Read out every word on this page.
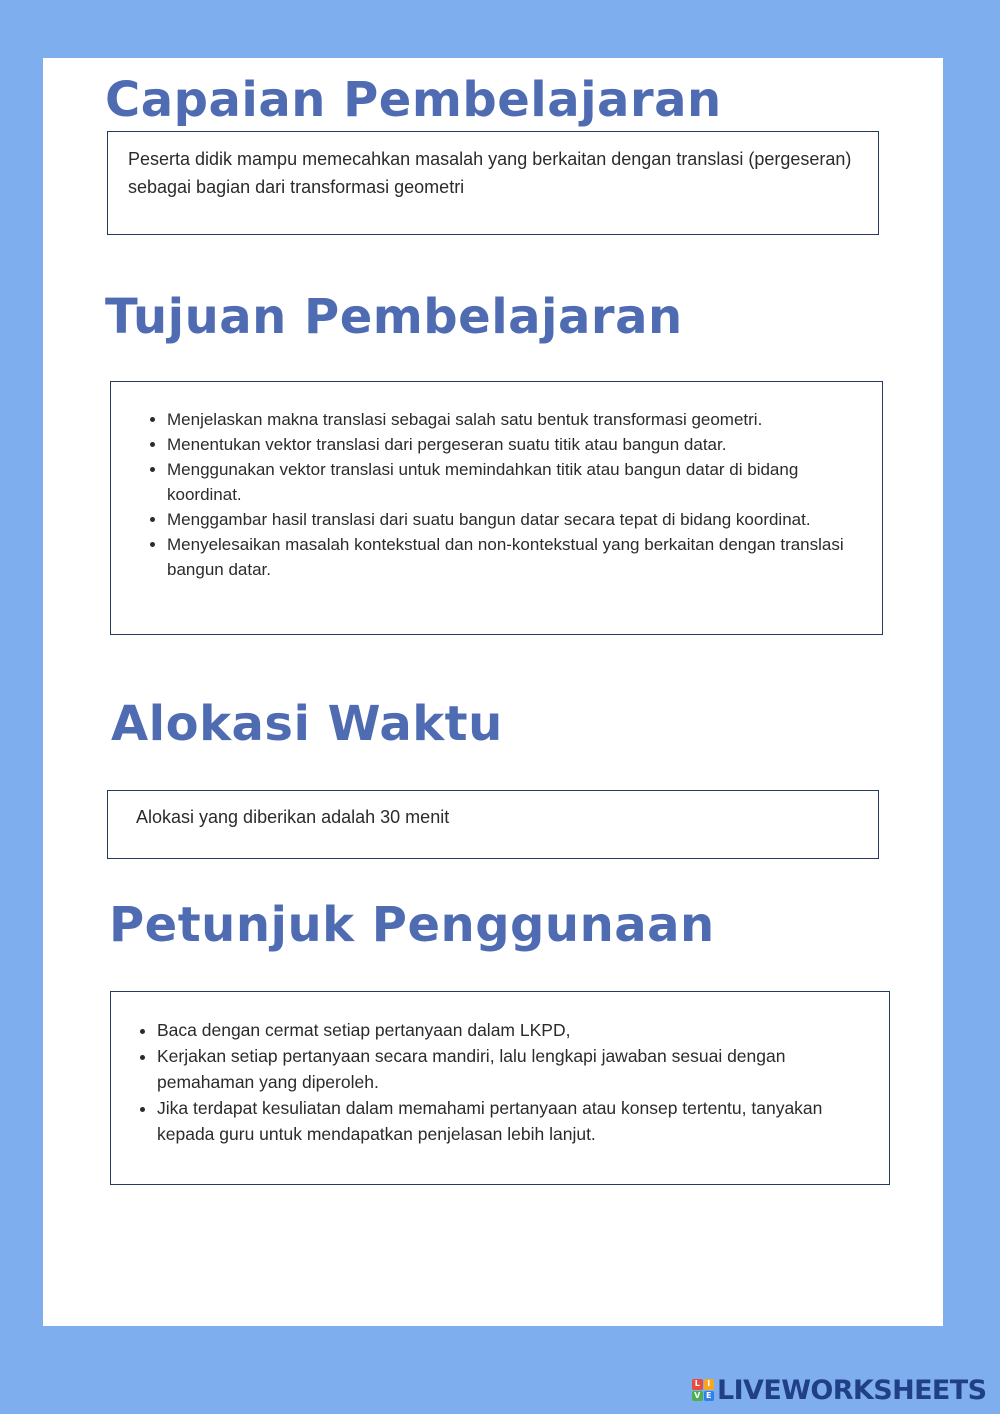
Capaian Pembelajaran

Peserta didik mampu memecahkan masalah yang berkaitan dengan translasi (pergeseran) sebagai bagian dari transformasi geometri

Tujuan Pembelajaran
• Menjelaskan makna translasi sebagai salah satu bentuk transformasi geometri.
• Menentukan vektor translasi dari pergeseran suatu titik atau bangun datar.
• Menggunakan vektor translasi untuk memindahkan titik atau bangun datar di bidang koordinat.
• Menggambar hasil translasi dari suatu bangun datar secara tepat di bidang koordinat.
• Menyelesaikan masalah kontekstual dan non-kontekstual yang berkaitan dengan translasi bangun datar.
Alokasi Waktu

Alokasi yang diberikan adalah 30 menit

Petunjuk Penggunaan
• Baca dengan cermat setiap pertanyaan dalam LKPD,
• Kerjakan setiap pertanyaan secara mandiri, lalu lengkapi jawaban sesuai dengan pemahaman yang diperoleh.
• Jika terdapat kesuliatan dalam memahami pertanyaan atau konsep tertentu, tanyakan kepada guru untuk mendapatkan penjelasan lebih lanjut.
L I
V E LIVEWORKSHEETS
